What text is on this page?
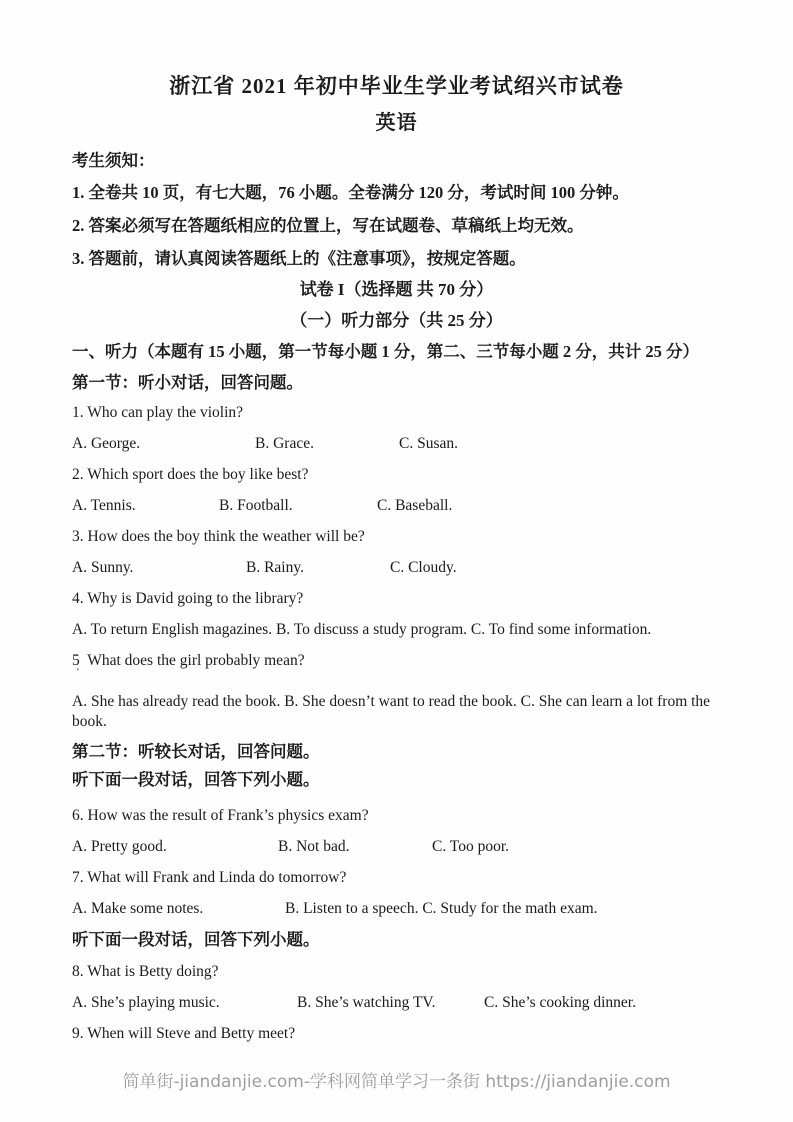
浙江省 2021 年初中毕业生学业考试绍兴市试卷
英语
考生须知：
1. 全卷共 10 页，有七大题，76 小题。全卷满分 120 分，考试时间 100 分钟。
2. 答案必须写在答题纸相应的位置上，写在试题卷、草稿纸上均无效。
3. 答题前，请认真阅读答题纸上的《注意事项》，按规定答题。
试卷 I（选择题 共 70 分）
（一）听力部分（共 25 分）
一、听力（本题有 15 小题，第一节每小题 1 分，第二、三节每小题 2 分，共计 25 分）
第一节：听小对话，回答问题。
1. Who can play the violin?
A. George.	B. Grace.	C. Susan.
2. Which sport does the boy like best?
A. Tennis.	B. Football.	C. Baseball.
3. How does the boy think the weather will be?
A. Sunny.	B. Rainy.	C. Cloudy.
4. Why is David going to the library?
A. To return English magazines. B. To discuss a study program. C. To find some information.
5  What does the girl probably mean?
A. She has already read the book. B. She doesn’t want to read the book. C. She can learn a lot from the book.
第二节：听较长对话，回答问题。
听下面一段对话，回答下列小题。
6. How was the result of Frank’s physics exam?
A. Pretty good.	B. Not bad.	C. Too poor.
7. What will Frank and Linda do tomorrow?
A. Make some notes.	B. Listen to a speech. C. Study for the math exam.
听下面一段对话，回答下列小题。
8. What is Betty doing?
A. She’s playing music.	B. She’s watching TV.	C. She’s cooking dinner.
9. When will Steve and Betty meet?
‘
简单街-jiandanjie.com-学科网简单学习一条街 https://jiandanjie.com
